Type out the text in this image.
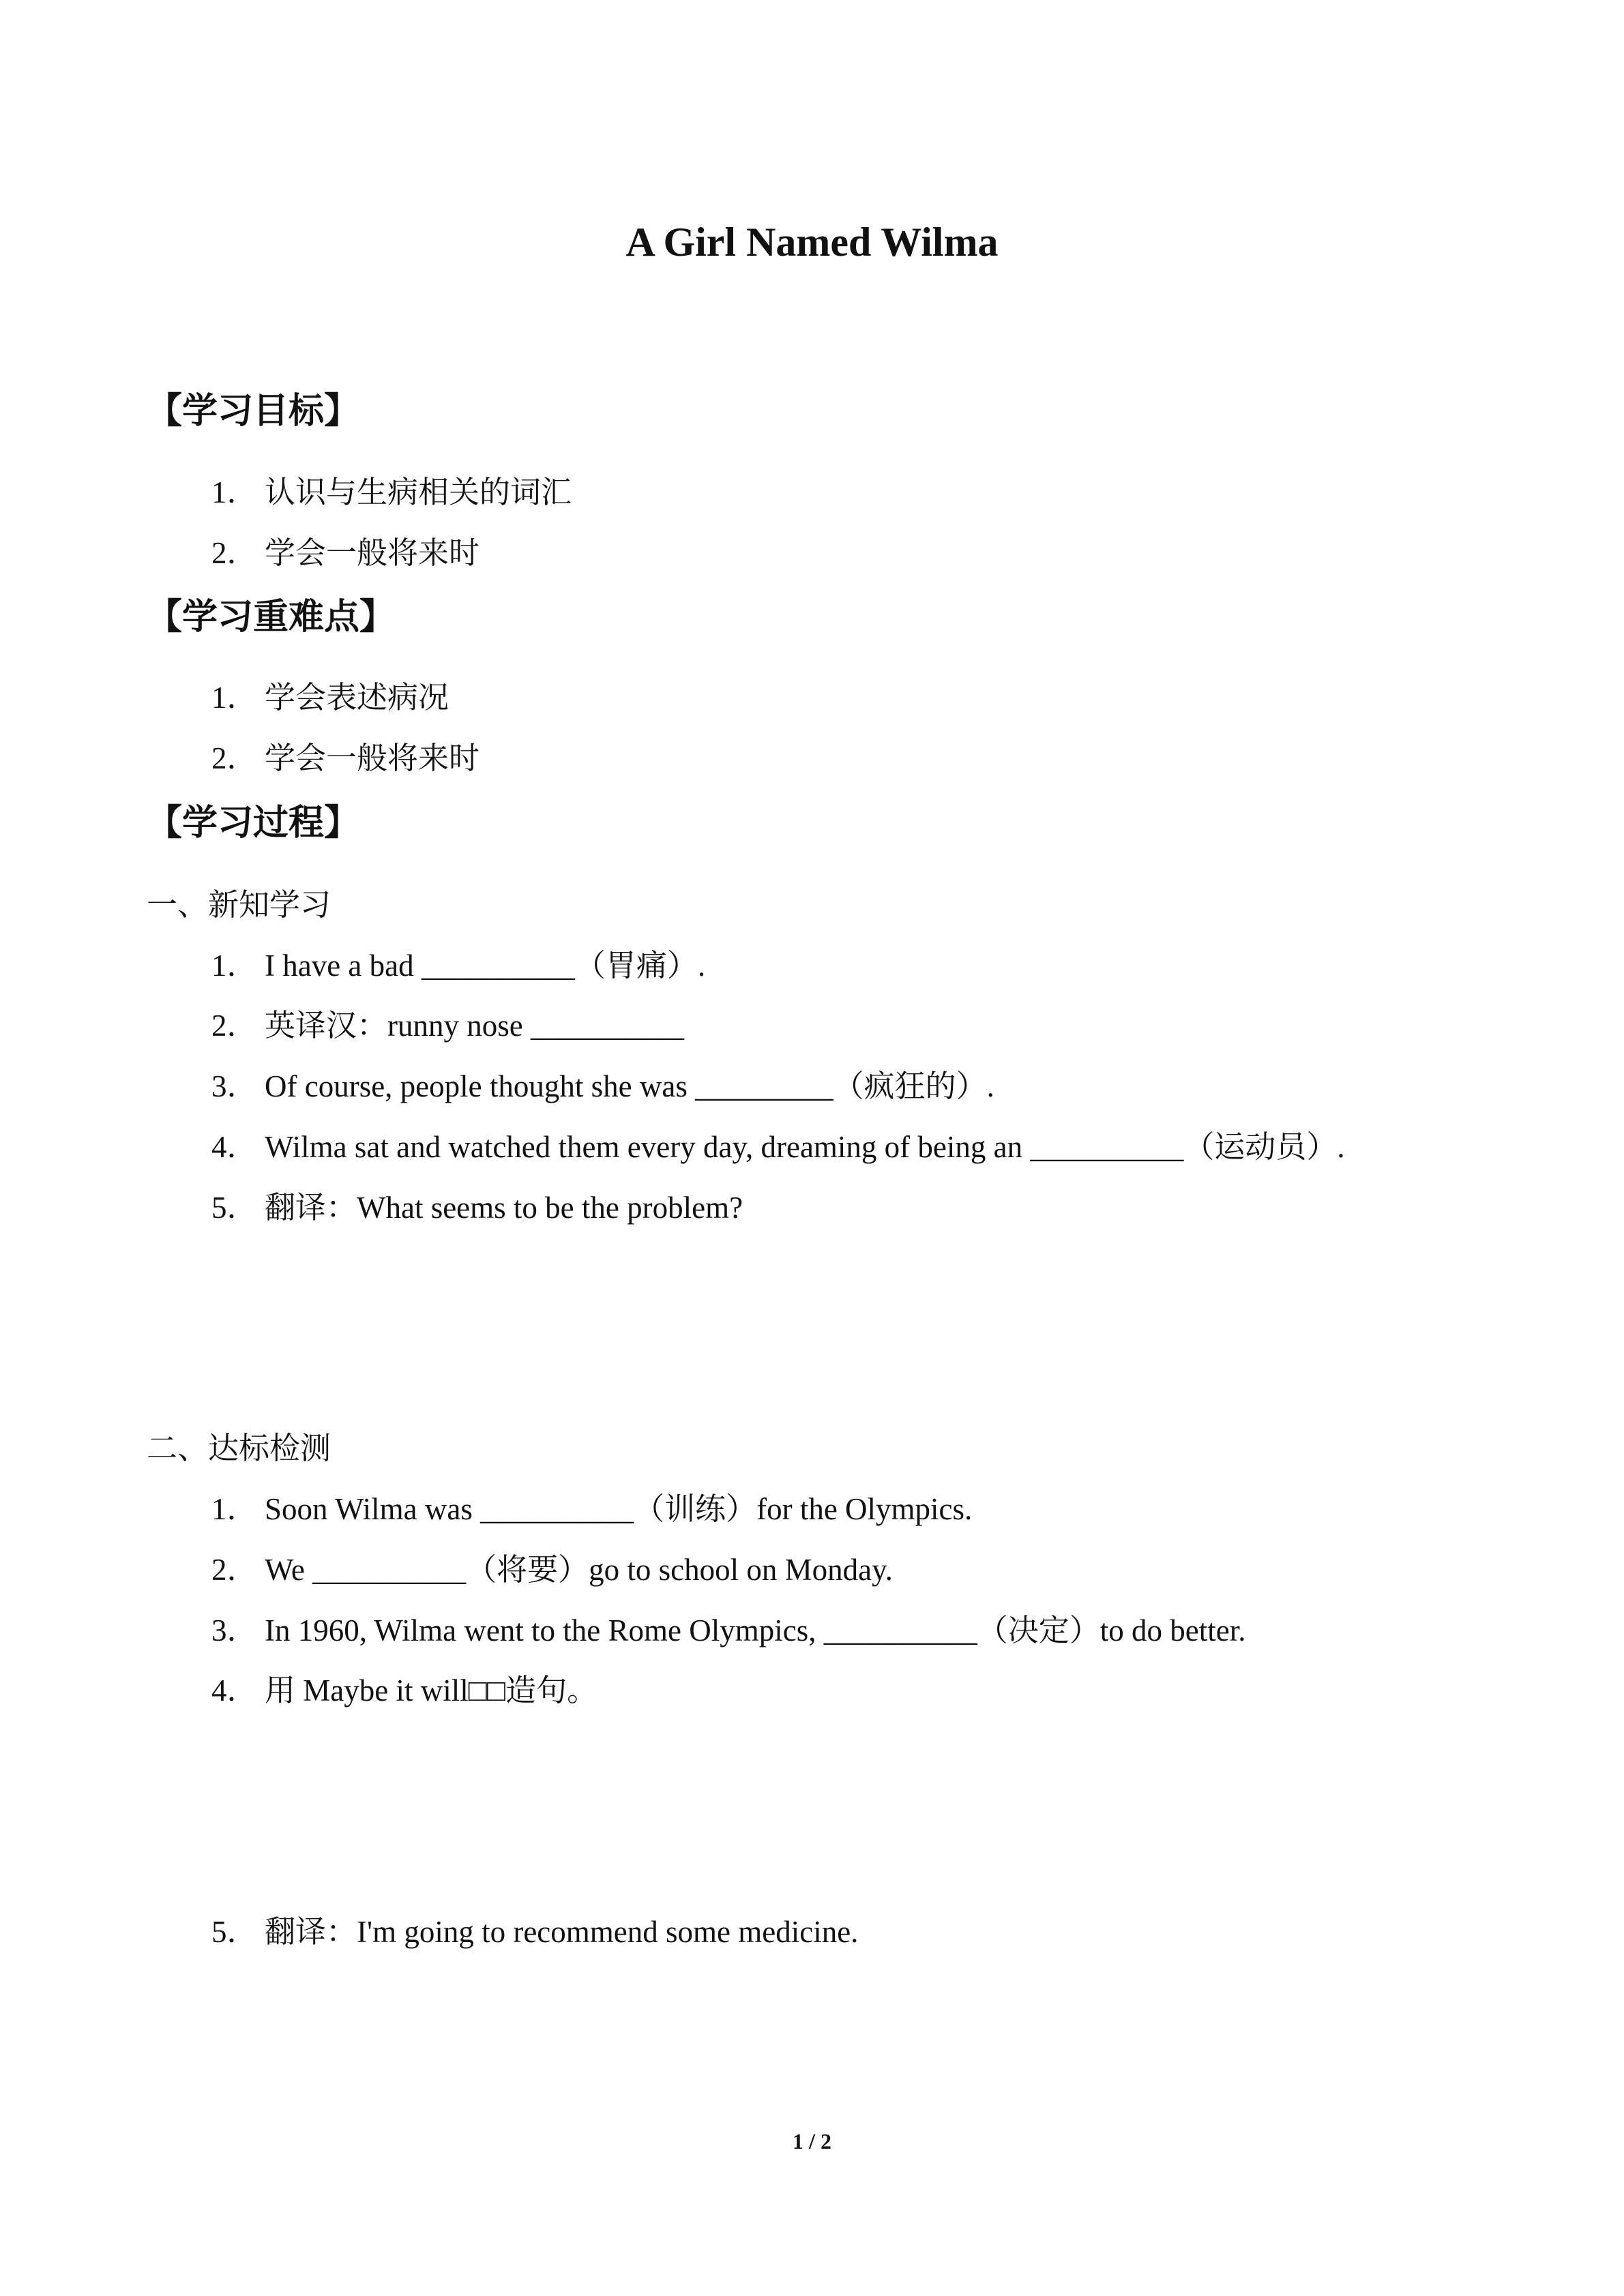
A Girl Named Wilma
【学习目标】
1． 认识与生病相关的词汇
2． 学会一般将来时
【学习重难点】
1． 学会表述病况
2． 学会一般将来时
【学习过程】
一、新知学习
1． I have a bad __________（胃痛）.
2． 英译汉：runny nose __________
3． Of course, people thought she was _________（疯狂的）.
4． Wilma sat and watched them every day, dreaming of being an __________（运动员）.
5． 翻译：What seems to be the problem?
二、达标检测
1． Soon Wilma was __________（训练）for the Olympics.
2． We __________（将要）go to school on Monday.
3． In 1960, Wilma went to the Rome Olympics, __________（决定）to do better.
4． 用 Maybe it will□□造句。
5． 翻译：I'm going to recommend some medicine.
1 / 2
